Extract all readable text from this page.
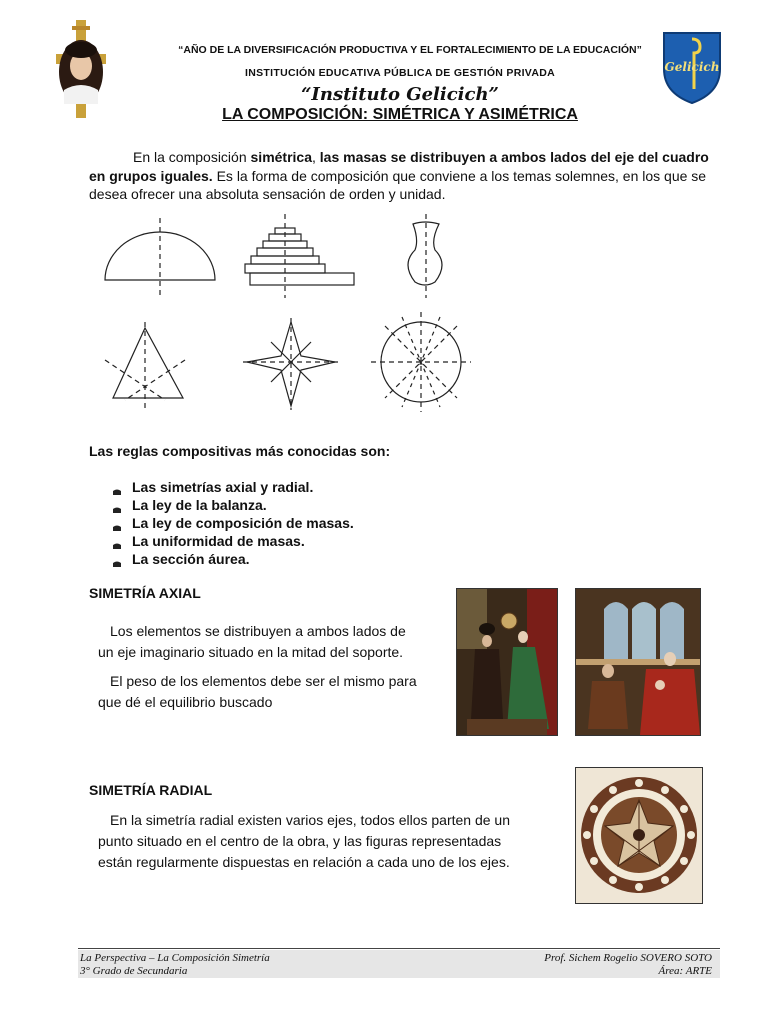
“AÑO DE LA DIVERSIFICACIÓN PRODUCTIVA Y EL FORTALECIMIENTO DE LA EDUCACIÓN”
INSTITUCIÓN EDUCATIVA PÚBLICA DE GESTIÓN PRIVADA
“Instituto Gelicich”
LA COMPOSICIÓN: SIMÉTRICA Y ASIMÉTRICA
Gelicich
En la composición simétrica, las masas se distribuyen a ambos lados del eje del cuadro en grupos iguales. Es la forma de composición que conviene a los temas solemnes, en los que se desea ofrecer una absoluta sensación de orden y unidad.
Las reglas compositivas más conocidas son:
Las simetrías axial y radial.
La ley de la balanza.
La ley de composición de masas.
La uniformidad de masas.
La sección áurea.
SIMETRÍA AXIAL
Los elementos se distribuyen a ambos lados de
un eje imaginario situado en la mitad del soporte.
El peso de los elementos debe ser el mismo para
que dé el equilibrio buscado
SIMETRÍA RADIAL
En la simetría radial existen varios ejes, todos ellos parten de un
punto situado en el centro de la obra, y las figuras representadas
están regularmente dispuestas en relación a cada uno de los ejes.
La Perspectiva – La Composición Simetría
3° Grado de Secundaria
Prof. Sichem Rogelio SOVERO SOTO
Área: ARTE
